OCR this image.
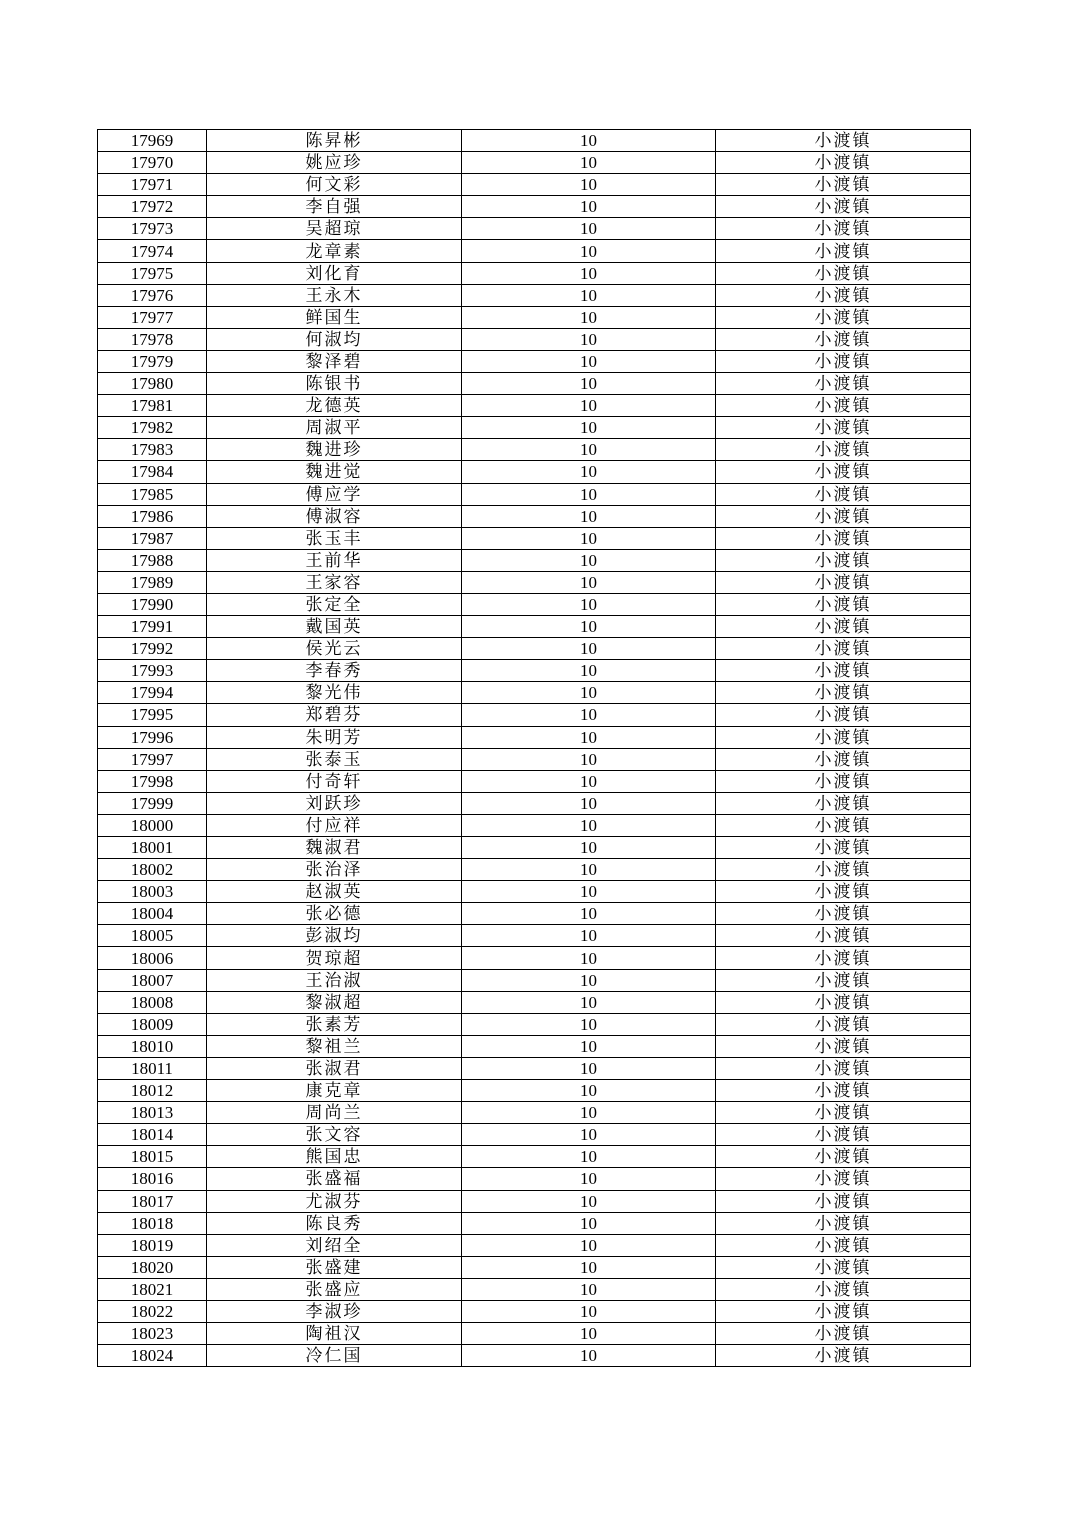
17969	陈昇彬	10	小渡镇
17970	姚应珍	10	小渡镇
17971	何文彩	10	小渡镇
17972	李自强	10	小渡镇
17973	吴超琼	10	小渡镇
17974	龙章素	10	小渡镇
17975	刘化育	10	小渡镇
17976	王永木	10	小渡镇
17977	鲜国生	10	小渡镇
17978	何淑均	10	小渡镇
17979	黎泽碧	10	小渡镇
17980	陈银书	10	小渡镇
17981	龙德英	10	小渡镇
17982	周淑平	10	小渡镇
17983	魏进珍	10	小渡镇
17984	魏进觉	10	小渡镇
17985	傅应学	10	小渡镇
17986	傅淑容	10	小渡镇
17987	张玉丰	10	小渡镇
17988	王前华	10	小渡镇
17989	王家容	10	小渡镇
17990	张定全	10	小渡镇
17991	戴国英	10	小渡镇
17992	侯光云	10	小渡镇
17993	李春秀	10	小渡镇
17994	黎光伟	10	小渡镇
17995	郑碧芬	10	小渡镇
17996	朱明芳	10	小渡镇
17997	张泰玉	10	小渡镇
17998	付奇轩	10	小渡镇
17999	刘跃珍	10	小渡镇
18000	付应祥	10	小渡镇
18001	魏淑君	10	小渡镇
18002	张治泽	10	小渡镇
18003	赵淑英	10	小渡镇
18004	张必德	10	小渡镇
18005	彭淑均	10	小渡镇
18006	贺琼超	10	小渡镇
18007	王治淑	10	小渡镇
18008	黎淑超	10	小渡镇
18009	张素芳	10	小渡镇
18010	黎祖兰	10	小渡镇
18011	张淑君	10	小渡镇
18012	康克章	10	小渡镇
18013	周尚兰	10	小渡镇
18014	张文容	10	小渡镇
18015	熊国忠	10	小渡镇
18016	张盛福	10	小渡镇
18017	尤淑芬	10	小渡镇
18018	陈良秀	10	小渡镇
18019	刘绍全	10	小渡镇
18020	张盛建	10	小渡镇
18021	张盛应	10	小渡镇
18022	李淑珍	10	小渡镇
18023	陶祖汉	10	小渡镇
18024	冷仁国	10	小渡镇
